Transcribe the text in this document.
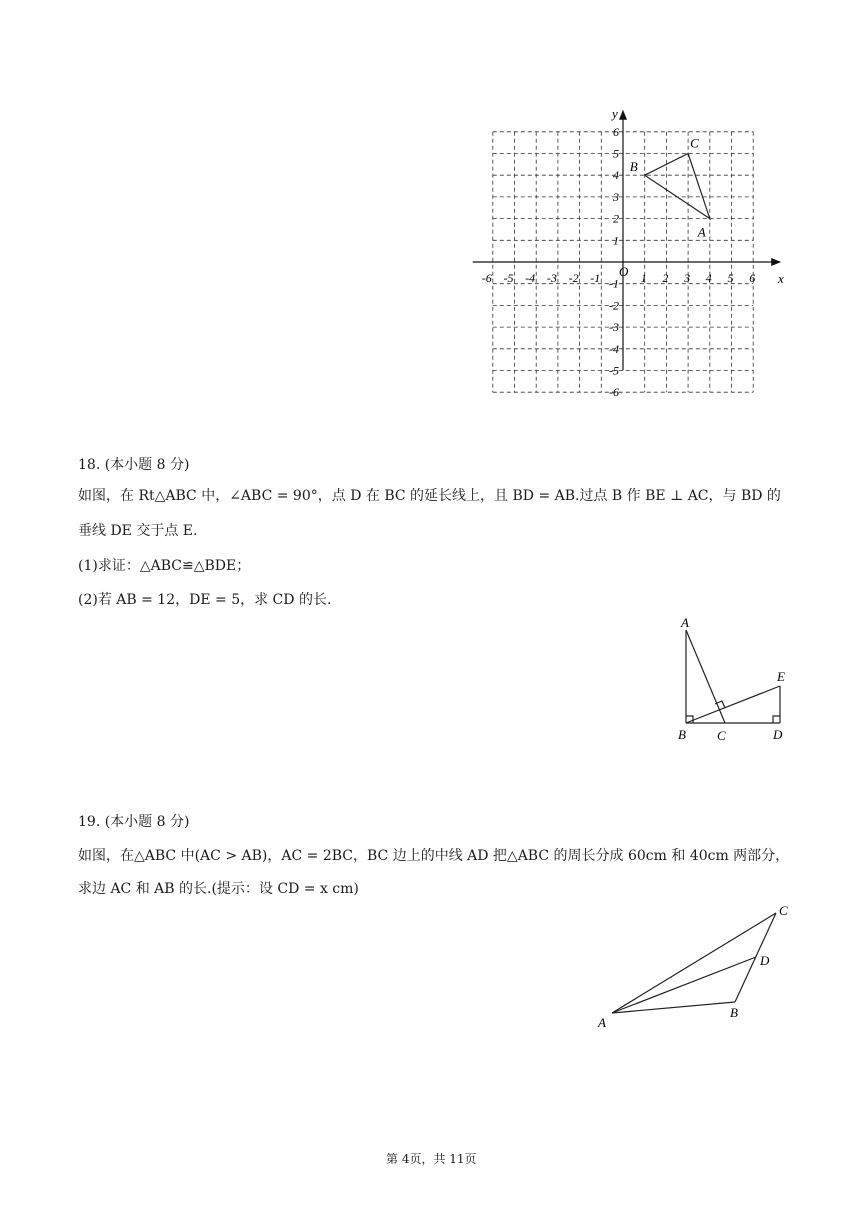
-6 -5 -4 -3 -2 -1	1 2 3 4 5 6
6
5
4
3
2
1
-1
-2
-3
-4
-5
-6
A
B
C
x
y
O
18. (本小题 8 分)
如图，在 Rt△ABC 中，∠ABC = 90°，点 D 在 BC 的延长线上，且 BD = AB.过点 B 作 BE ⊥ AC，与 BD 的
垂线 DE 交于点 E.
(1)求证：△ABC≌△BDE；
(2)若 AB = 12，DE = 5，求 CD 的长.
A
B C	D
E
19. (本小题 8 分)
如图，在△ABC 中(AC > AB)，AC = 2BC，BC 边上的中线 AD 把△ABC 的周长分成 60cm 和 40cm 两部分，
求边 AC 和 AB 的长.(提示：设 CD = x cm)
A
B
C
D
第 4页，共 11页
